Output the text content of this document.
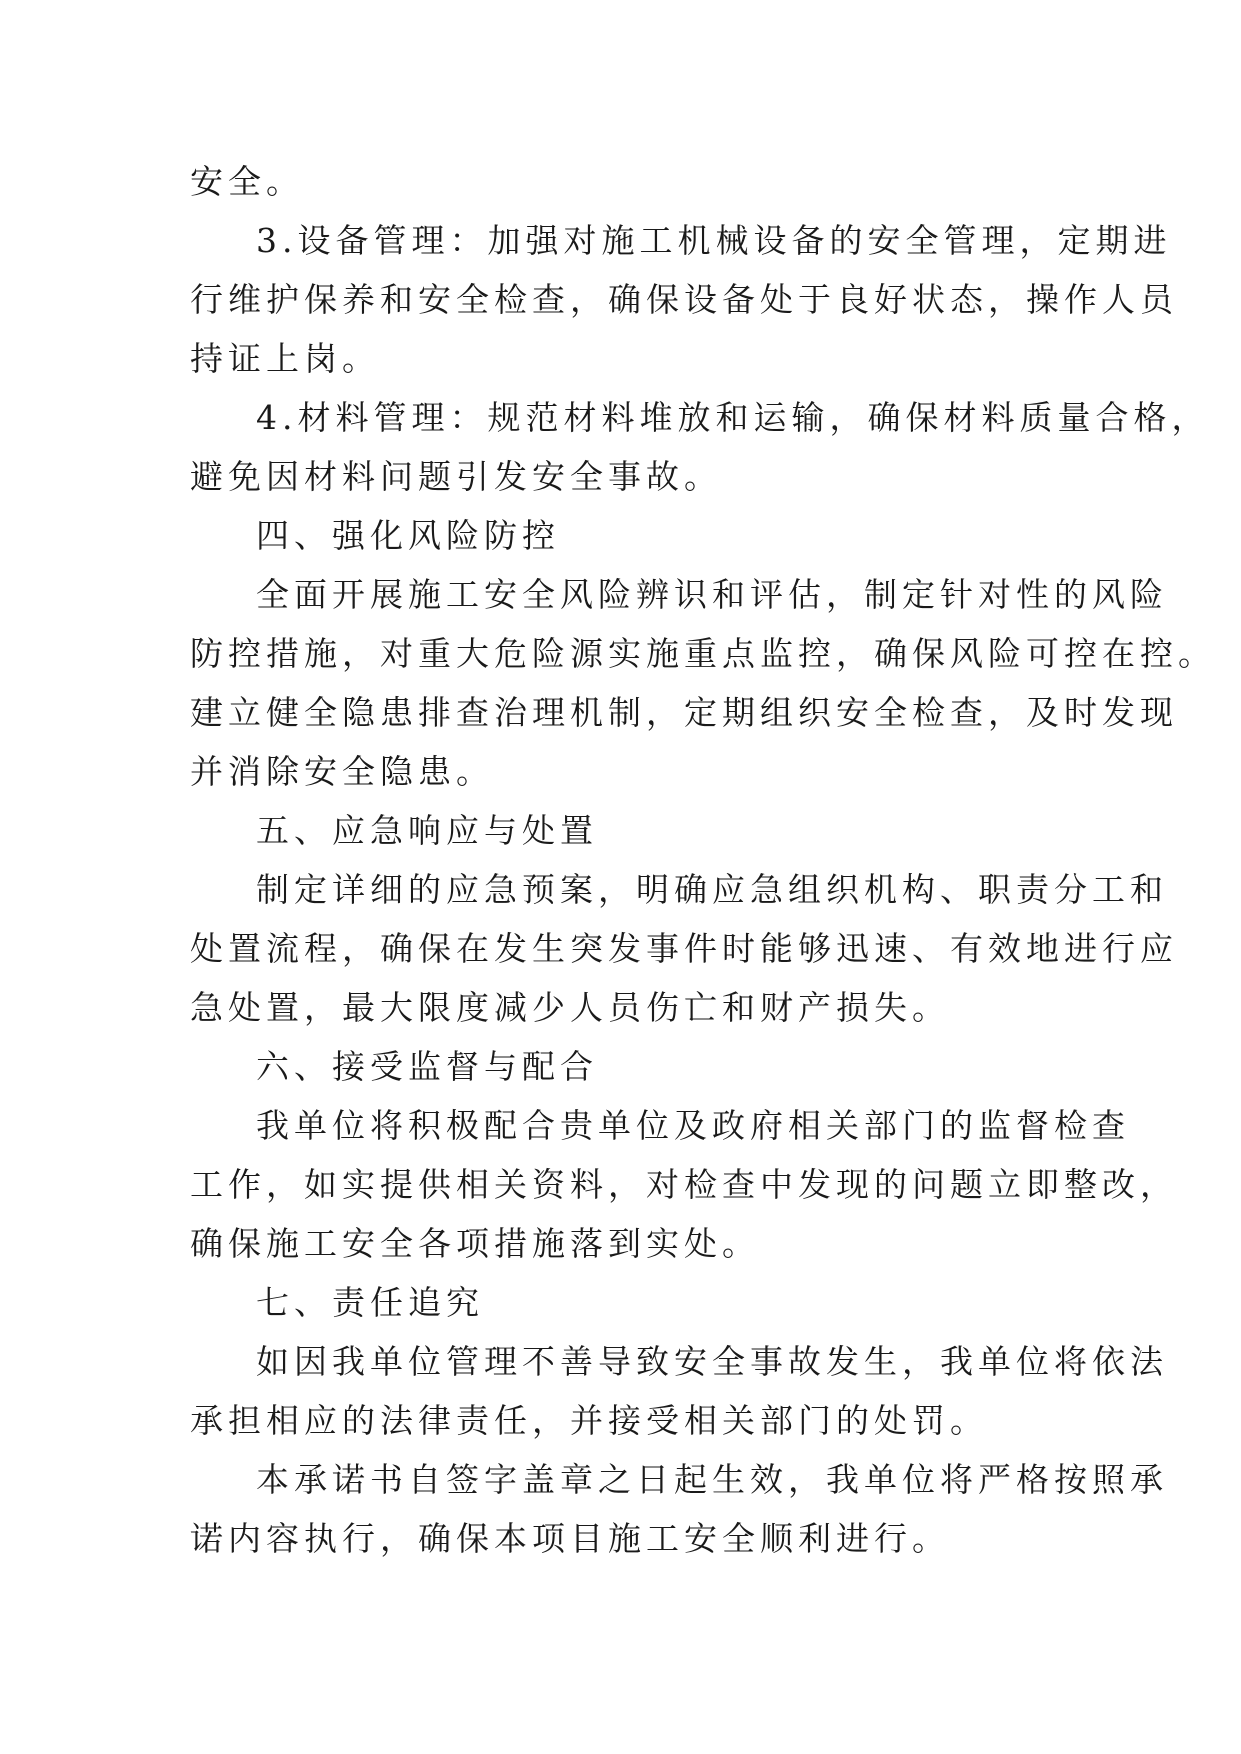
安全。
3.设备管理：加强对施工机械设备的安全管理，定期进
行维护保养和安全检查，确保设备处于良好状态，操作人员
持证上岗。
4.材料管理：规范材料堆放和运输，确保材料质量合格，
避免因材料问题引发安全事故。
四、强化风险防控
全面开展施工安全风险辨识和评估，制定针对性的风险
防控措施，对重大危险源实施重点监控，确保风险可控在控。
建立健全隐患排查治理机制，定期组织安全检查，及时发现
并消除安全隐患。
五、应急响应与处置
制定详细的应急预案，明确应急组织机构、职责分工和
处置流程，确保在发生突发事件时能够迅速、有效地进行应
急处置，最大限度减少人员伤亡和财产损失。
六、接受监督与配合
我单位将积极配合贵单位及政府相关部门的监督检查
工作，如实提供相关资料，对检查中发现的问题立即整改，
确保施工安全各项措施落到实处。
七、责任追究
如因我单位管理不善导致安全事故发生，我单位将依法
承担相应的法律责任，并接受相关部门的处罚。
本承诺书自签字盖章之日起生效，我单位将严格按照承
诺内容执行，确保本项目施工安全顺利进行。
